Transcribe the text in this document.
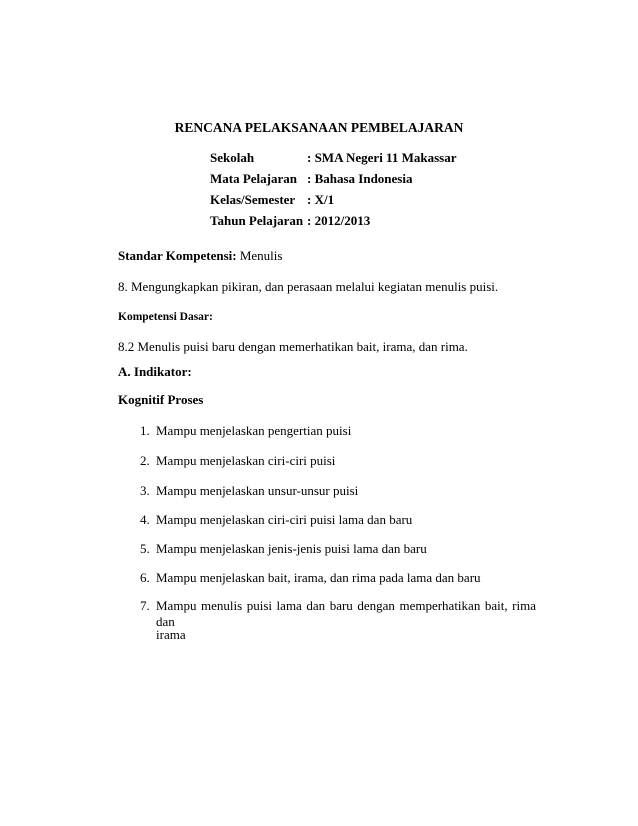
RENCANA PELAKSANAAN PEMBELAJARAN
Sekolah	: SMA Negeri 11 Makassar
Mata Pelajaran : Bahasa Indonesia
Kelas/Semester : X/1
Tahun Pelajaran : 2012/2013
Standar Kompetensi: Menulis
8. Mengungkapkan pikiran, dan perasaan melalui kegiatan menulis puisi.
Kompetensi Dasar:
8.2 Menulis puisi baru dengan memerhatikan bait, irama, dan rima.
A. Indikator:
Kognitif Proses
1. Mampu menjelaskan pengertian puisi
2. Mampu menjelaskan ciri-ciri puisi
3. Mampu menjelaskan unsur-unsur puisi
4. Mampu menjelaskan ciri-ciri puisi lama dan baru
5. Mampu menjelaskan jenis-jenis puisi lama dan baru
6. Mampu menjelaskan bait, irama, dan rima pada lama dan baru
7. Mampu menulis puisi lama dan baru dengan memperhatikan bait, rima dan
irama
